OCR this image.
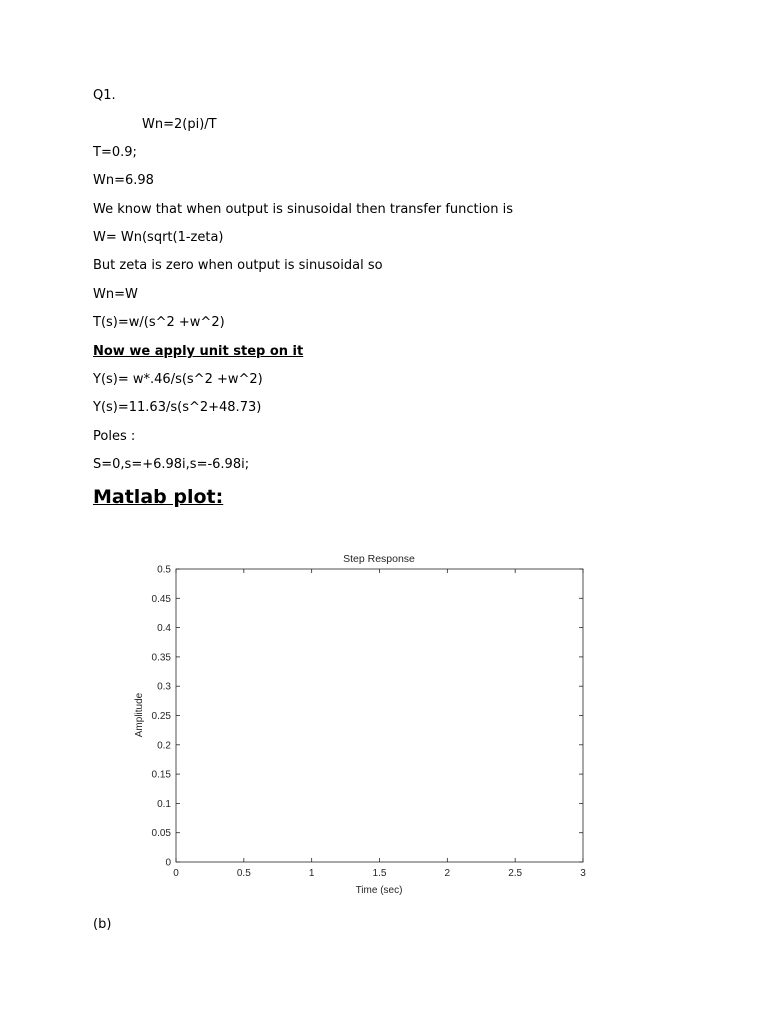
Q1.
Wn=2(pi)/T
T=0.9;
Wn=6.98
We know that when output is sinusoidal then transfer function is
W= Wn(sqrt(1-zeta)
But zeta is zero when output is sinusoidal so
Wn=W
T(s)=w/(s^2 +w^2)
Now we apply unit step on it
Y(s)= w*.46/s(s^2 +w^2)
Y(s)=11.63/s(s^2+48.73)
Poles :
S=0,s=+6.98i,s=-6.98i;
Matlab plot:
Step Response
0
0.05
0.1
0.15
0.2
0.25
0.3
0.35
0.4
0.45
0.5
0	0.5	1	1.5	2	2.5	3
Time (sec)
Amplitude
(b)
